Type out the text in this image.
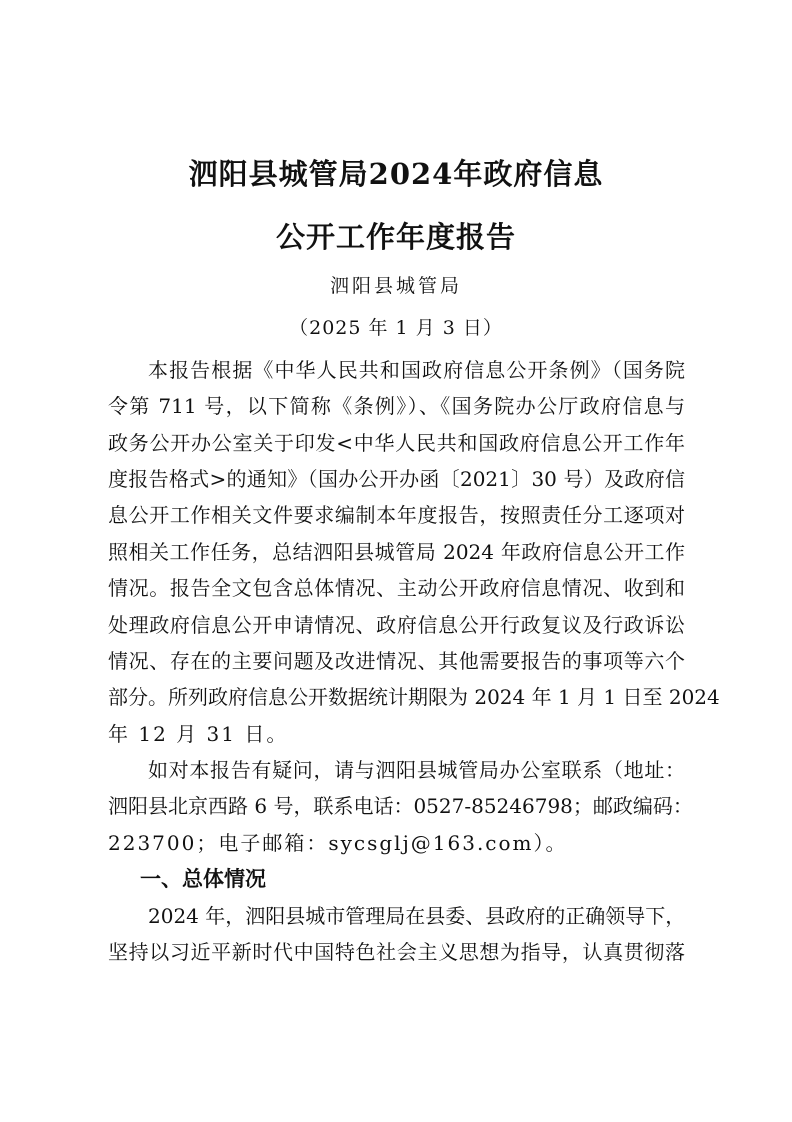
泗阳县城管局2024年政府信息
公开工作年度报告
泗阳县城管局
（2025 年 1 月 3 日）
本报告根据《中华人民共和国政府信息公开条例》（国务院
令第 711 号，以下简称《条例》）、《国务院办公厅政府信息与
政务公开办公室关于印发<中华人民共和国政府信息公开工作年
度报告格式>的通知》（国办公开办函〔2021〕30 号）及政府信
息公开工作相关文件要求编制本年度报告，按照责任分工逐项对
照相关工作任务，总结泗阳县城管局 2024 年政府信息公开工作
情况。报告全文包含总体情况、主动公开政府信息情况、收到和
处理政府信息公开申请情况、政府信息公开行政复议及行政诉讼
情况、存在的主要问题及改进情况、其他需要报告的事项等六个
部分。所列政府信息公开数据统计期限为 2024 年 1 月 1 日至 2024
年 12 月 31 日。
如对本报告有疑问，请与泗阳县城管局办公室联系（地址：
泗阳县北京西路 6 号，联系电话：0527-85246798；邮政编码：
223700；电子邮箱：sycsglj@163.com）。
一、总体情况
2024 年，泗阳县城市管理局在县委、县政府的正确领导下，
坚持以习近平新时代中国特色社会主义思想为指导，认真贯彻落
